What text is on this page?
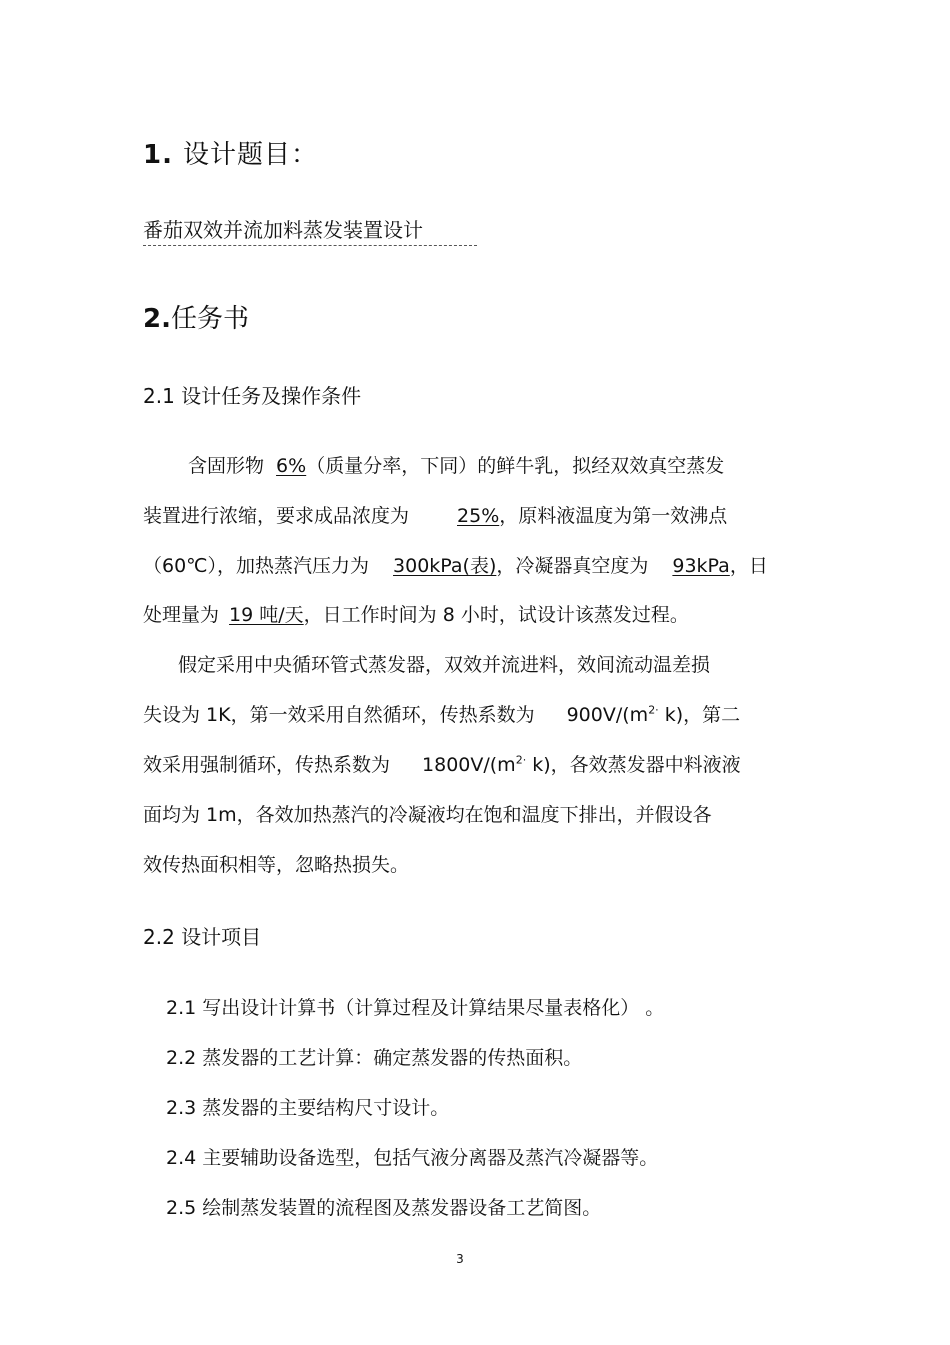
1. 设计题目：
番茄双效并流加料蒸发装置设计
2.任务书
2.1 设计任务及操作条件
含固形物 6%（质量分率，下同）的鲜牛乳，拟经双效真空蒸发
装置进行浓缩，要求成品浓度为	25%，原料液温度为第一效沸点
（60℃），加热蒸汽压力为 300kPa(表)，冷凝器真空度为 93kPa，日
处理量为 19 吨/天，日工作时间为 8 小时，试设计该蒸发过程。
假定采用中央循环管式蒸发器，双效并流进料，效间流动温差损
失设为 1K，第一效采用自然循环，传热系数为 $900V/(m^{2\cdot}$ k)，第二
效采用强制循环，传热系数为 $1800V/(m^{2\cdot}$ k)，各效蒸发器中料液液
面均为 1m，各效加热蒸汽的冷凝液均在饱和温度下排出，并假设各
效传热面积相等，忽略热损失。
2.2 设计项目
2.1 写出设计计算书（计算过程及计算结果尽量表格化） 。
2.2 蒸发器的工艺计算：确定蒸发器的传热面积。
2.3 蒸发器的主要结构尺寸设计。
2.4 主要辅助设备选型，包括气液分离器及蒸汽冷凝器等。
2.5 绘制蒸发装置的流程图及蒸发器设备工艺简图。
3
